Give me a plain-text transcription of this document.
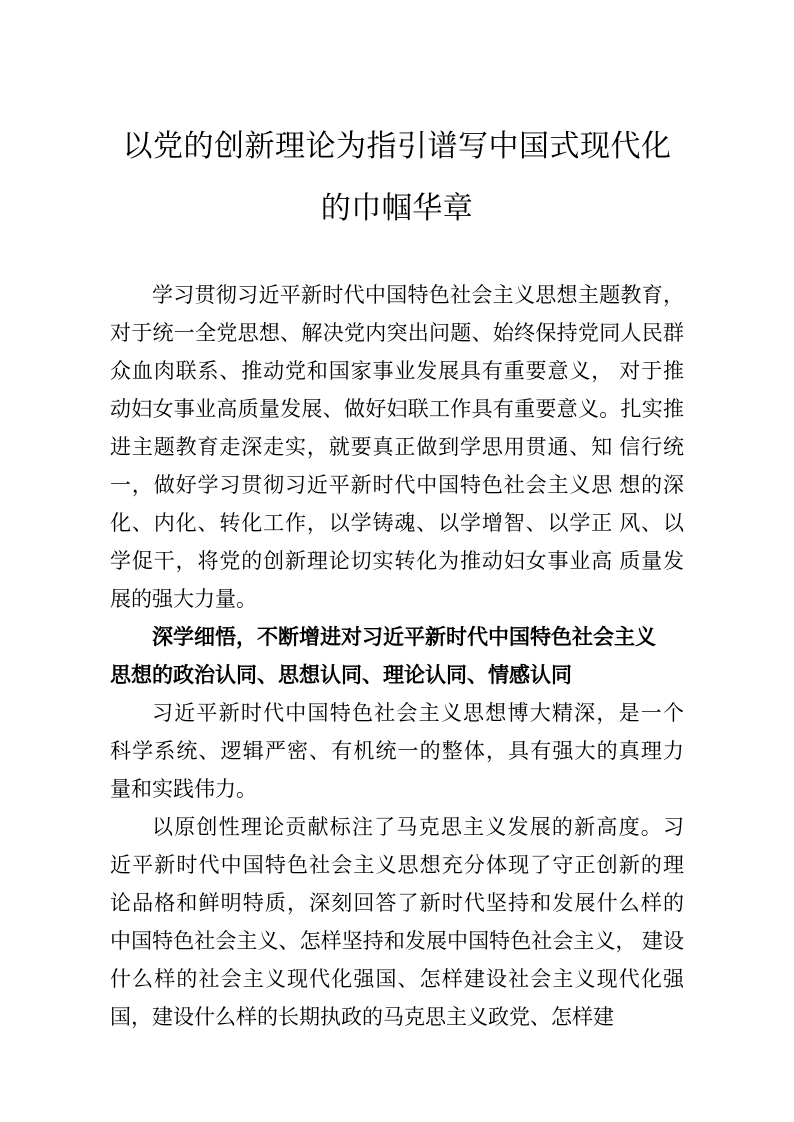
以党的创新理论为指引谱写中国式现代化
的巾帼华章
学习贯彻习近平新时代中国特色社会主义思想主题教育，
对于统一全党思想、解决党内突出问题、始终保持党同人民群
众血肉联系、推动党和国家事业发展具有重要意义， 对于推
动妇女事业高质量发展、做好妇联工作具有重要意义。扎实推
进主题教育走深走实，就要真正做到学思用贯通、知 信行统
一，做好学习贯彻习近平新时代中国特色社会主义思 想的深
化、内化、转化工作，以学铸魂、以学增智、以学正 风、以
学促干，将党的创新理论切实转化为推动妇女事业高 质量发
展的强大力量。
深学细悟，不断增进对习近平新时代中国特色社会主义
思想的政治认同、思想认同、理论认同、情感认同
习近平新时代中国特色社会主义思想博大精深，是一个
科学系统、逻辑严密、有机统一的整体，具有强大的真理力
量和实践伟力。
以原创性理论贡献标注了马克思主义发展的新高度。习
近平新时代中国特色社会主义思想充分体现了守正创新的理
论品格和鲜明特质，深刻回答了新时代坚持和发展什么样的
中国特色社会主义、怎样坚持和发展中国特色社会主义， 建设
什么样的社会主义现代化强国、怎样建设社会主义现代化强
国，建设什么样的长期执政的马克思主义政党、怎样建
